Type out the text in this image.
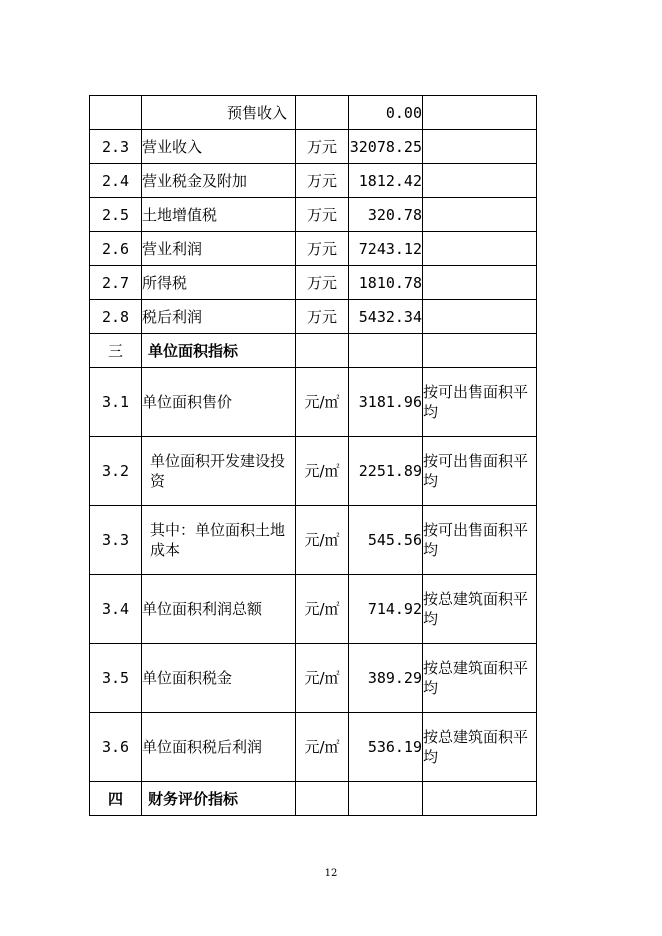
	预售收入		0.00	
2.3	营业收入	万元	32078.25	
2.4	营业税金及附加	万元	1812.42	
2.5	土地增值税	万元	320.78	
2.6	营业利润	万元	7243.12	
2.7	所得税	万元	1810.78	
2.8	税后利润	万元	5432.34	
三	单位面积指标			
3.1	单位面积售价	元/㎡	3181.96	按可出售面积平均
3.2	单位面积开发建设投资	元/㎡	2251.89	按可出售面积平均
3.3	其中：单位面积土地成本	元/㎡	545.56	按可出售面积平均
3.4	单位面积利润总额	元/㎡	714.92	按总建筑面积平均
3.5	单位面积税金	元/㎡	389.29	按总建筑面积平均
3.6	单位面积税后利润	元/㎡	536.19	按总建筑面积平均
四	财务评价指标			
12
